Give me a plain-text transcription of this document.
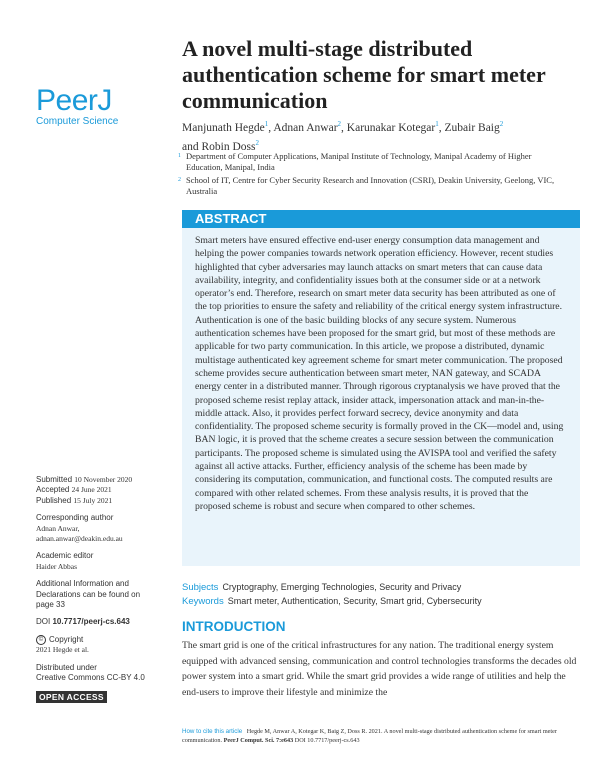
PeerJ
Computer Science
A novel multi-stage distributed authentication scheme for smart meter communication
Manjunath Hegde$^1$, Adnan Anwar$^2$, Karunakar Kotegar$^1$, Zubair Baig$^2$
and Robin Doss$^2$
1 Department of Computer Applications, Manipal Institute of Technology, Manipal Academy of Higher Education, Manipal, India
2 School of IT, Centre for Cyber Security Research and Innovation (CSRI), Deakin University, Geelong, VIC, Australia
ABSTRACT
Smart meters have ensured effective end-user energy consumption data management and helping the power companies towards network operation efficiency. However, recent studies highlighted that cyber adversaries may launch attacks on smart meters that can cause data availability, integrity, and confidentiality issues both at the consumer side or at a network operator’s end. Therefore, research on smart meter data security has been attributed as one of the top priorities to ensure the safety and reliability of the critical energy system infrastructure. Authentication is one of the basic building blocks of any secure system. Numerous authentication schemes have been proposed for the smart grid, but most of these methods are applicable for two party communication. In this article, we propose a distributed, dynamic multistage authenticated key agreement scheme for smart meter communication. The proposed scheme provides secure authentication between smart meter, NAN gateway, and SCADA energy center in a distributed manner. Through rigorous cryptanalysis we have proved that the proposed scheme resist replay attack, insider attack, impersonation attack and man-in-the-middle attack. Also, it provides perfect forward secrecy, device anonymity and data confidentiality. The proposed scheme security is formally proved in the CK—model and, using BAN logic, it is proved that the scheme creates a secure session between the communication participants. The proposed scheme is simulated using the AVISPA tool and verified the safety against all active attacks. Further, efficiency analysis of the scheme has been made by considering its computation, communication, and functional costs. The computed results are compared with other related schemes. From these analysis results, it is proved that the proposed scheme is robust and secure when compared to other schemes.
Subjects Cryptography, Emerging Technologies, Security and Privacy
Keywords Smart meter, Authentication, Security, Smart grid, Cybersecurity
INTRODUCTION
The smart grid is one of the critical infrastructures for any nation. The traditional energy system equipped with advanced sensing, communication and control technologies transforms the decades old power system into a smart grid. While the smart grid provides a wide range of utilities and help the end-users to improve their lifestyle and minimize the
Submitted 10 November 2020
Accepted 24 June 2021
Published 15 July 2021
Corresponding author
Adnan Anwar,
adnan.anwar@deakin.edu.au
Academic editor
Haider Abbas
Additional Information and Declarations can be found on page 33
DOI 10.7717/peerj-cs.643
© Copyright
2021 Hegde et al.
Distributed under
Creative Commons CC-BY 4.0
OPEN ACCESS
How to cite this article Hegde M, Anwar A, Kotegar K, Baig Z, Doss R. 2021. A novel multi-stage distributed authentication scheme for smart meter communication. PeerJ Comput. Sci. 7:e643 DOI 10.7717/peerj-cs.643
